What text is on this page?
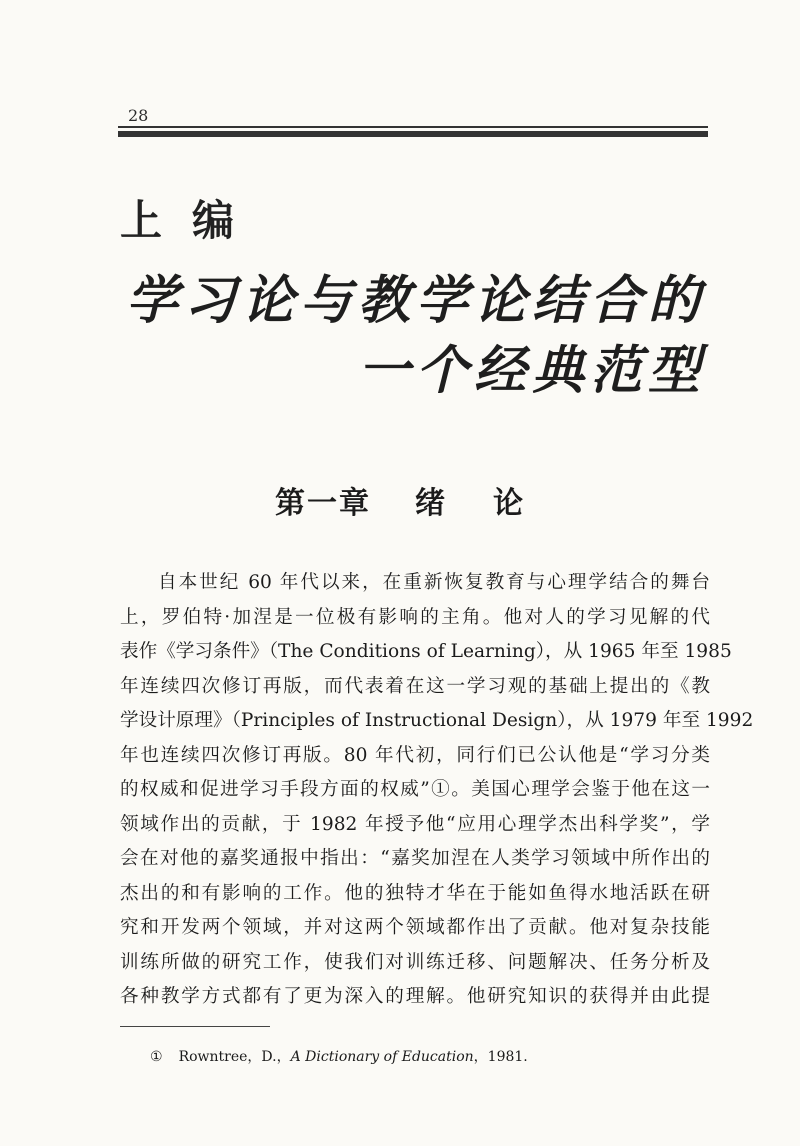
28
上编
学习论与教学论结合的
一个经典范型
第一章 绪 论
自本世纪 60 年代以来，在重新恢复教育与心理学结合的舞台
上，罗伯特·加涅是一位极有影响的主角。他对人的学习见解的代
表作《学习条件》（The Conditions of Learning），从 1965 年至 1985
年连续四次修订再版，而代表着在这一学习观的基础上提出的《教
学设计原理》（Principles of Instructional Design），从 1979 年至 1992
年也连续四次修订再版。80 年代初，同行们已公认他是“学习分类
的权威和促进学习手段方面的权威”①。美国心理学会鉴于他在这一
领域作出的贡献，于 1982 年授予他“应用心理学杰出科学奖”，学
会在对他的嘉奖通报中指出：“嘉奖加涅在人类学习领域中所作出的
杰出的和有影响的工作。他的独特才华在于能如鱼得水地活跃在研
究和开发两个领域，并对这两个领域都作出了贡献。他对复杂技能
训练所做的研究工作，使我们对训练迁移、问题解决、任务分析及
各种教学方式都有了更为深入的理解。他研究知识的获得并由此提
① Rowntree，D.，A Dictionary of Education，1981.
